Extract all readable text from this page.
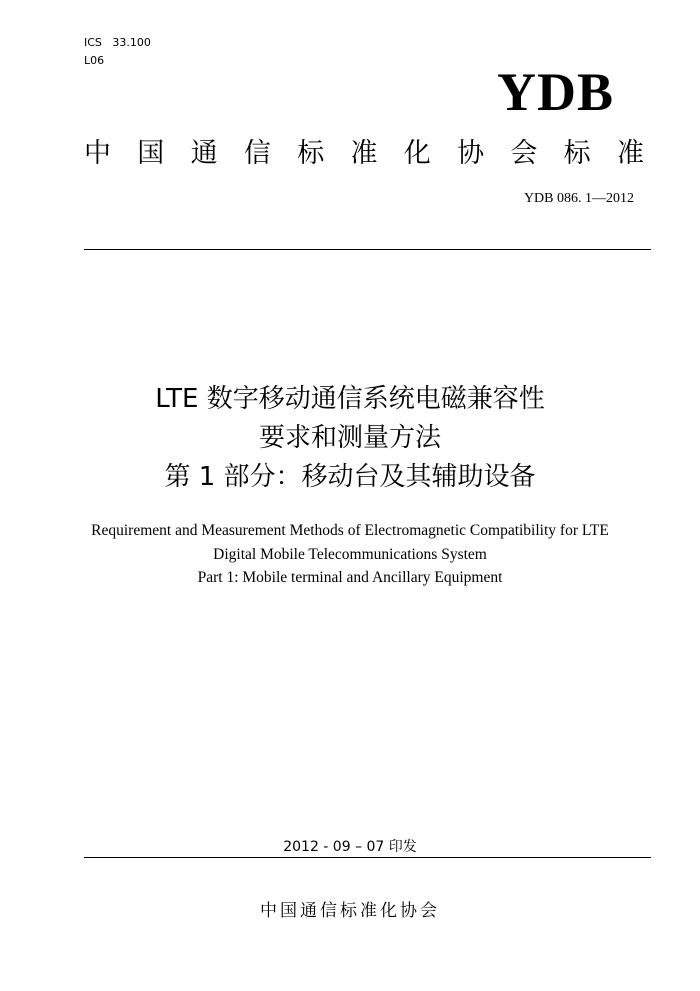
ICS 33.100
L06
YDB
中 国 通 信 标 准 化 协 会 标 准
YDB 086. 1—2012
LTE 数字移动通信系统电磁兼容性
要求和测量方法
第 1 部分：移动台及其辅助设备
Requirement and Measurement Methods of Electromagnetic Compatibility for LTE
Digital Mobile Telecommunications System
Part 1: Mobile terminal and Ancillary Equipment
2012 - 09 – 07 印发
中国通信标准化协会
